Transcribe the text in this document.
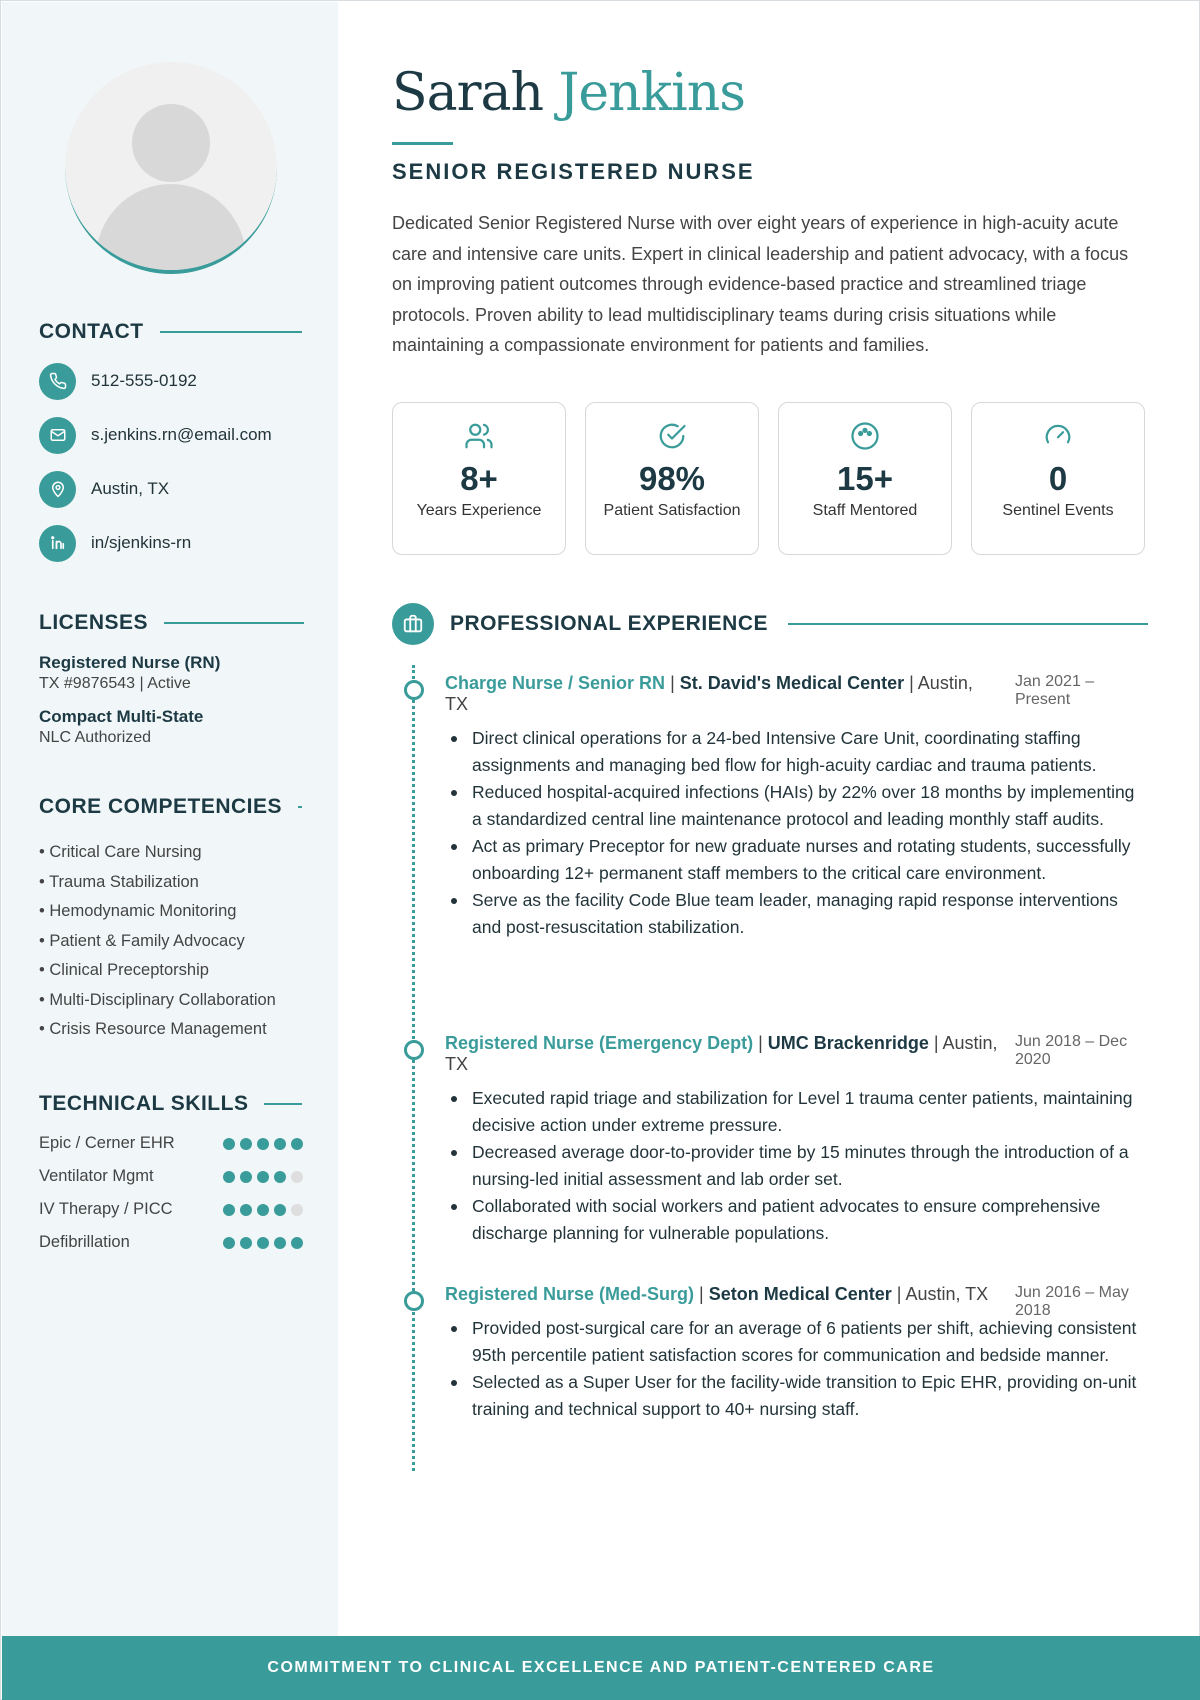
CONTACT
512-555-0192
s.jenkins.rn@email.com
Austin, TX
in/sjenkins-rn
LICENSES
Registered Nurse (RN)
TX #9876543 | Active
Compact Multi-State
NLC Authorized
CORE COMPETENCIES
• Critical Care Nursing
• Trauma Stabilization
• Hemodynamic Monitoring
• Patient & Family Advocacy
• Clinical Preceptorship
• Multi-Disciplinary Collaboration
• Crisis Resource Management
TECHNICAL SKILLS
Epic / Cerner EHR
Ventilator Mgmt
IV Therapy / PICC
Defibrillation
Sarah Jenkins
SENIOR REGISTERED NURSE

Dedicated Senior Registered Nurse with over eight years of experience in high-acuity acute care and intensive care units. Expert in clinical leadership and patient advocacy, with a focus on improving patient outcomes through evidence-based practice and streamlined triage protocols. Proven ability to lead multidisciplinary teams during crisis situations while maintaining a compassionate environment for patients and families.

8+
Years Experience
98%
Patient Satisfaction
15+
Staff Mentored
0
Sentinel Events
PROFESSIONAL EXPERIENCE
Charge Nurse / Senior RN | St. David's Medical Center | Austin, TX
Jan 2021 – Present
Direct clinical operations for a 24-bed Intensive Care Unit, coordinating staffing assignments and managing bed flow for high-acuity cardiac and trauma patients.
Reduced hospital-acquired infections (HAIs) by 22% over 18 months by implementing a standardized central line maintenance protocol and leading monthly staff audits.
Act as primary Preceptor for new graduate nurses and rotating students, successfully onboarding 12+ permanent staff members to the critical care environment.
Serve as the facility Code Blue team leader, managing rapid response interventions and post-resuscitation stabilization.
Registered Nurse (Emergency Dept) | UMC Brackenridge | Austin, TX
Jun 2018 – Dec 2020
Executed rapid triage and stabilization for Level 1 trauma center patients, maintaining decisive action under extreme pressure.
Decreased average door-to-provider time by 15 minutes through the introduction of a nursing-led initial assessment and lab order set.
Collaborated with social workers and patient advocates to ensure comprehensive discharge planning for vulnerable populations.
Registered Nurse (Med-Surg) | Seton Medical Center | Austin, TX	Jun 2016 – May 2018
Provided post-surgical care for an average of 6 patients per shift, achieving consistent 95th percentile patient satisfaction scores for communication and bedside manner.
Selected as a Super User for the facility-wide transition to Epic EHR, providing on-unit training and technical support to 40+ nursing staff.
COMMITMENT TO CLINICAL EXCELLENCE AND PATIENT-CENTERED CARE
